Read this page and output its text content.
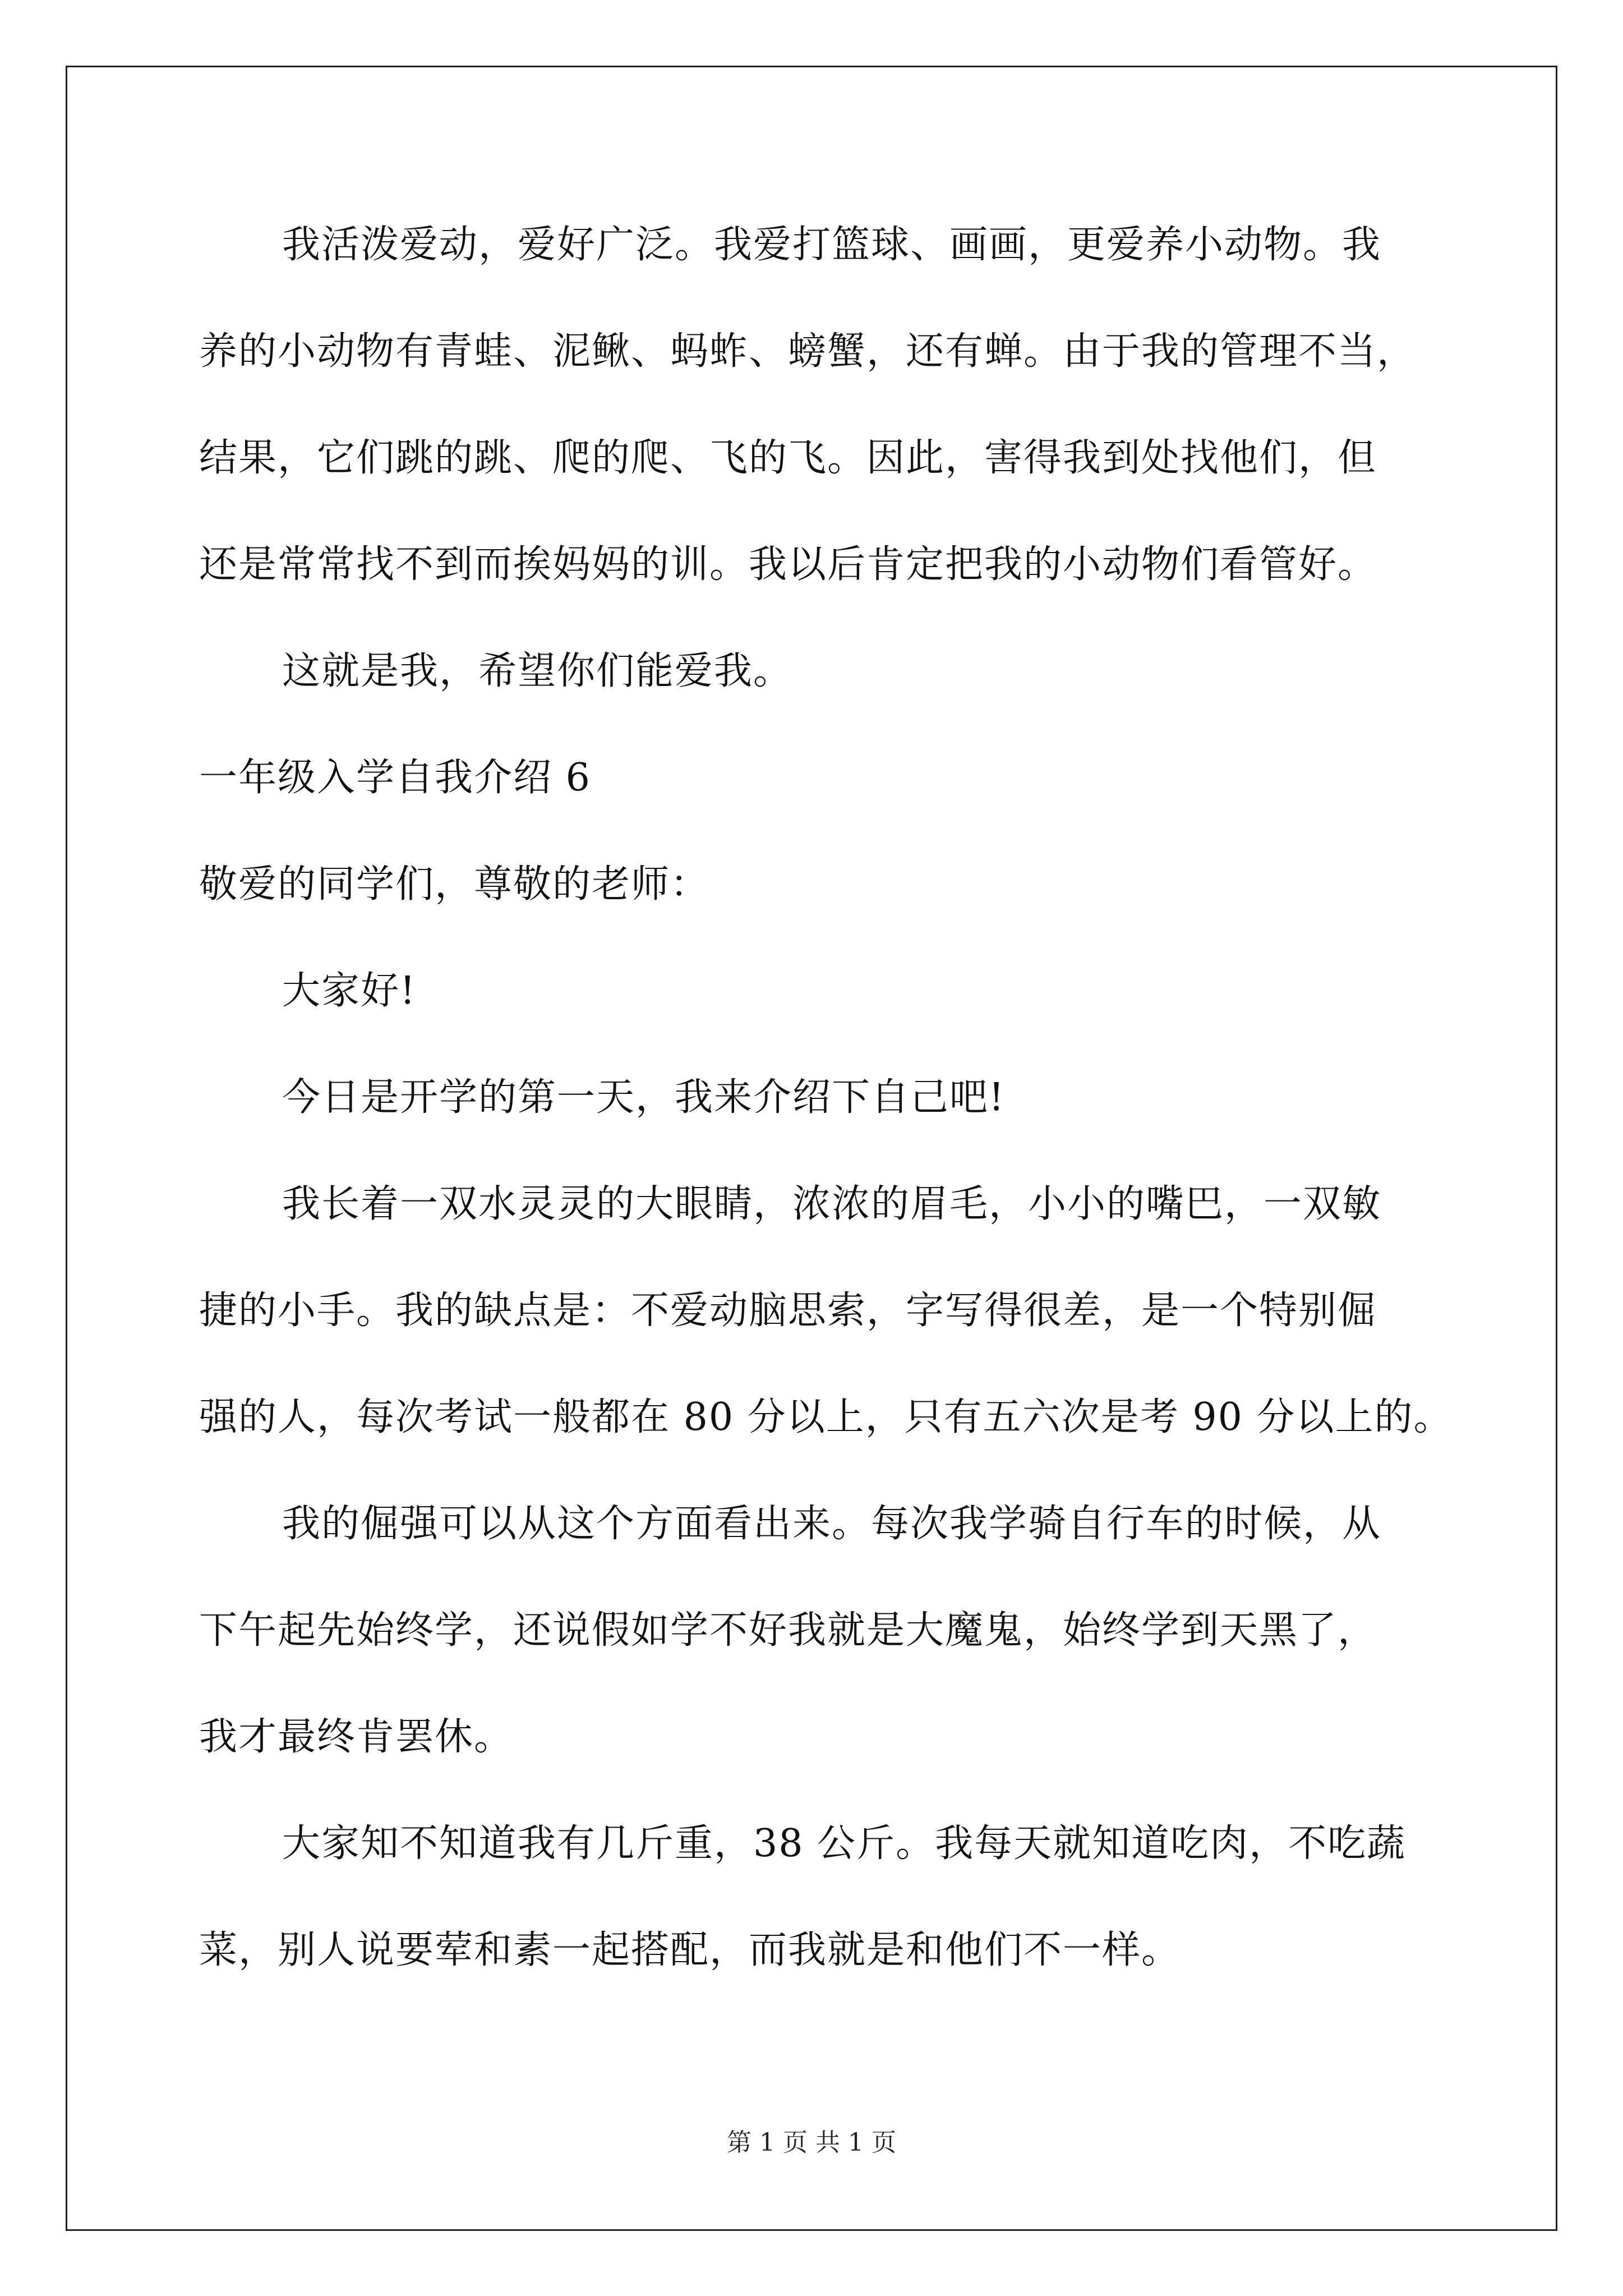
我活泼爱动，爱好广泛。我爱打篮球、画画，更爱养小动物。我
养的小动物有青蛙、泥鳅、蚂蚱、螃蟹，还有蝉。由于我的管理不当，
结果，它们跳的跳、爬的爬、飞的飞。因此，害得我到处找他们，但
还是常常找不到而挨妈妈的训。我以后肯定把我的小动物们看管好。
这就是我，希望你们能爱我。
一年级入学自我介绍 6
敬爱的同学们，尊敬的老师：
大家好!
今日是开学的第一天，我来介绍下自己吧!
我长着一双水灵灵的大眼睛，浓浓的眉毛，小小的嘴巴，一双敏
捷的小手。我的缺点是：不爱动脑思索，字写得很差，是一个特别倔
强的人，每次考试一般都在 80 分以上，只有五六次是考 90 分以上的。
我的倔强可以从这个方面看出来。每次我学骑自行车的时候，从
下午起先始终学，还说假如学不好我就是大魔鬼，始终学到天黑了，
我才最终肯罢休。
大家知不知道我有几斤重，38 公斤。我每天就知道吃肉，不吃蔬
菜，别人说要荤和素一起搭配，而我就是和他们不一样。
第 1 页 共 1 页
